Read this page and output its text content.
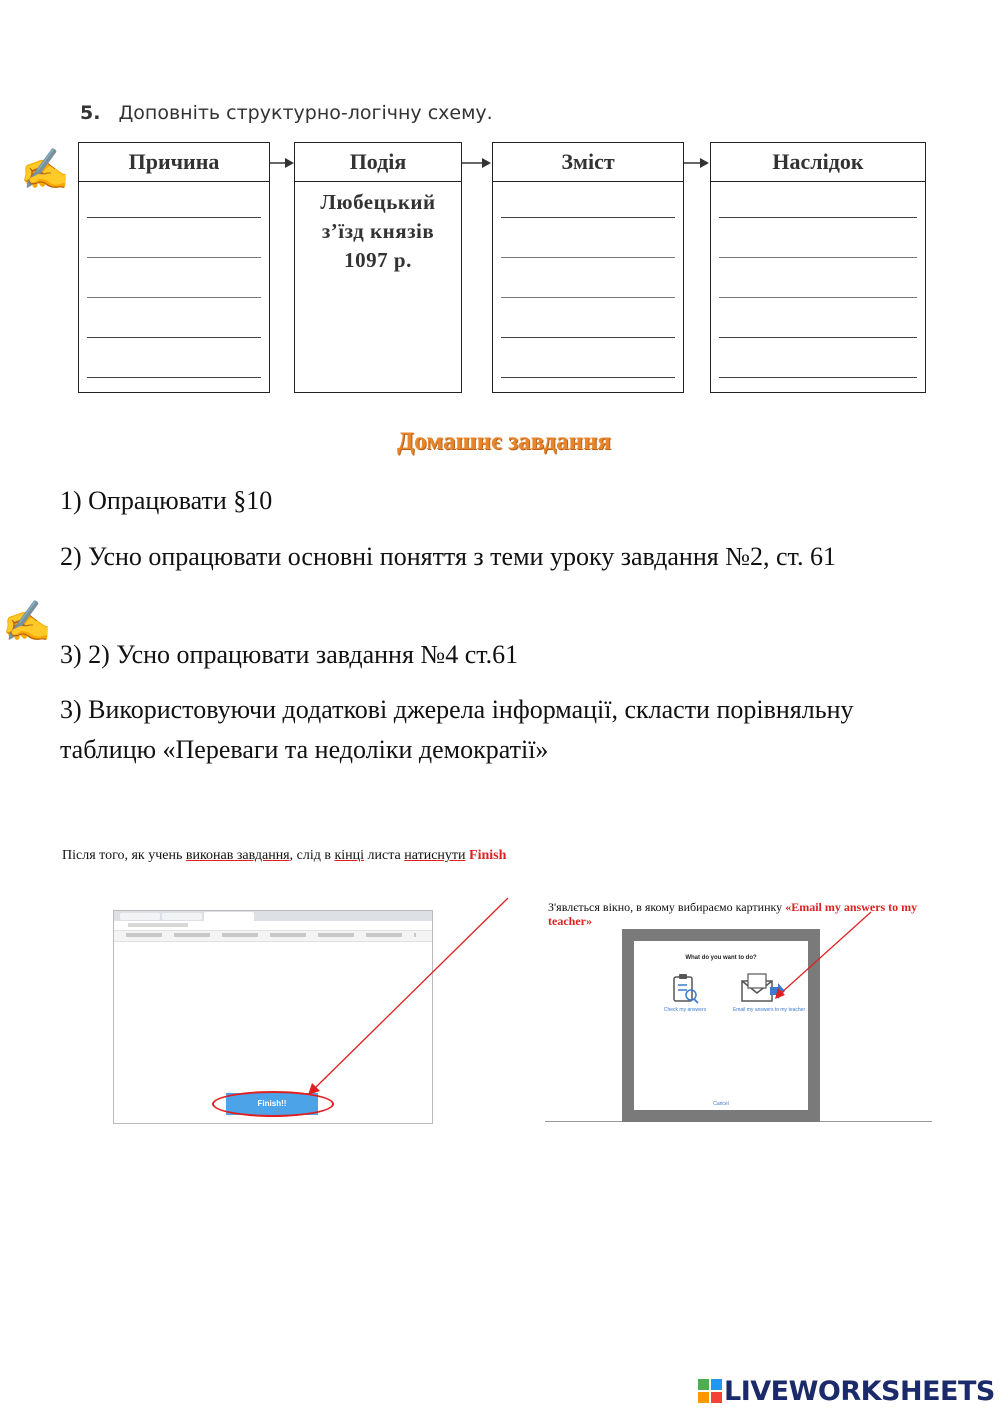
5. Доповніть структурно-логічну схему.
✍
✍
Причина	Подія
Любецький
з’їзд князів
1097 р.
Зміст	Наслідок
Домашнє завдання
1) Опрацювати §10
2) Усно опрацювати основні поняття з теми уроку завдання №2, ст. 61
3) 2) Усно опрацювати завдання №4 ст.61
3) Використовуючи додаткові джерела інформації, скласти порівняльну таблицю «Переваги та недоліки демократії»
Після того, як учень виконав завдання, слід в кінці листа натиснути Finish
Finish!!
З'явлється вікно, в якому вибираємо картинку «Email my answers to my teacher»
What do you want to do?
Check my answers	Email my answers to my teacher
Cancel
LIVEWORKSHEETS
